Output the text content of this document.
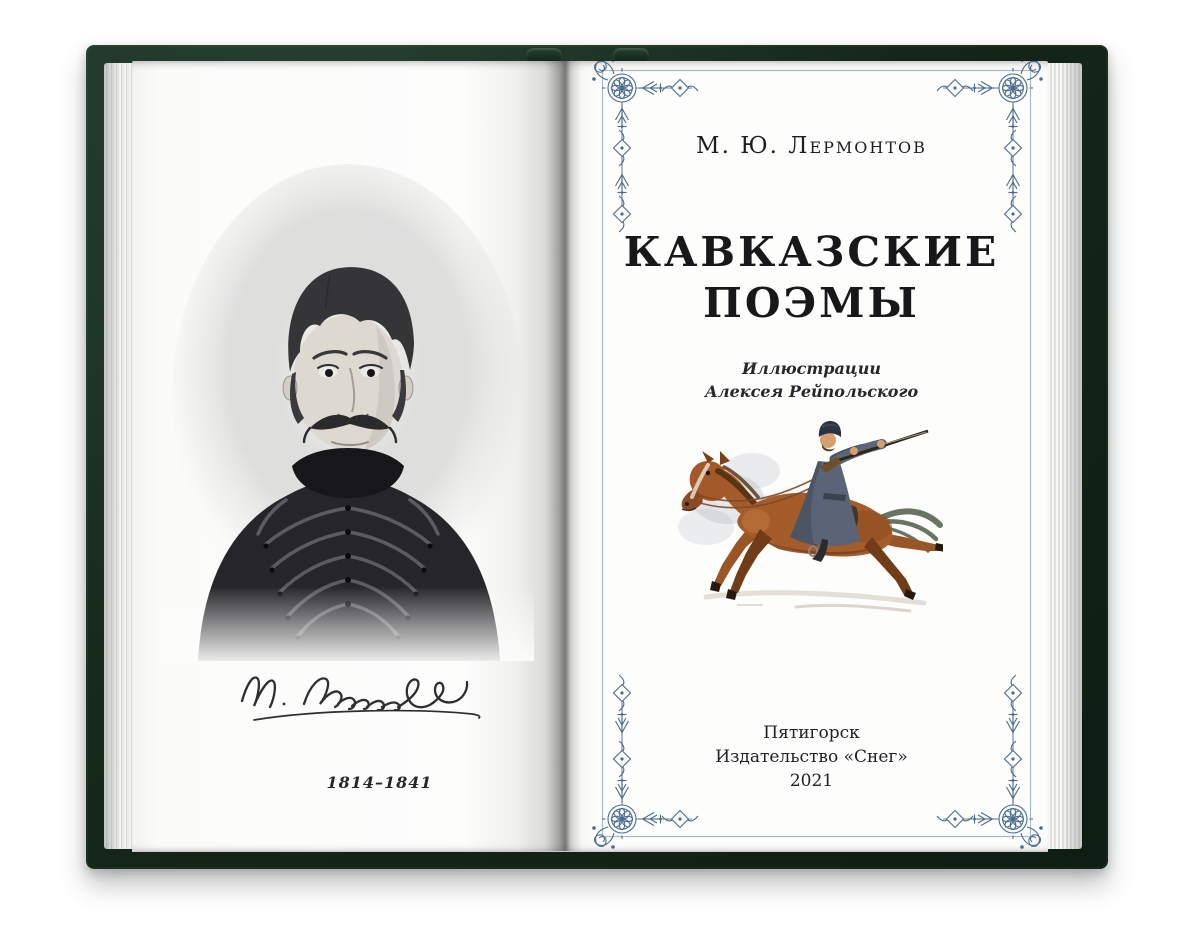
1814–1841
М. Ю. Лермонтов
КАВКАЗСКИЕ
ПОЭМЫ
Иллюстрации
Алексея Рейпольского
Пятигорск
Издательство «Снег»
2021
